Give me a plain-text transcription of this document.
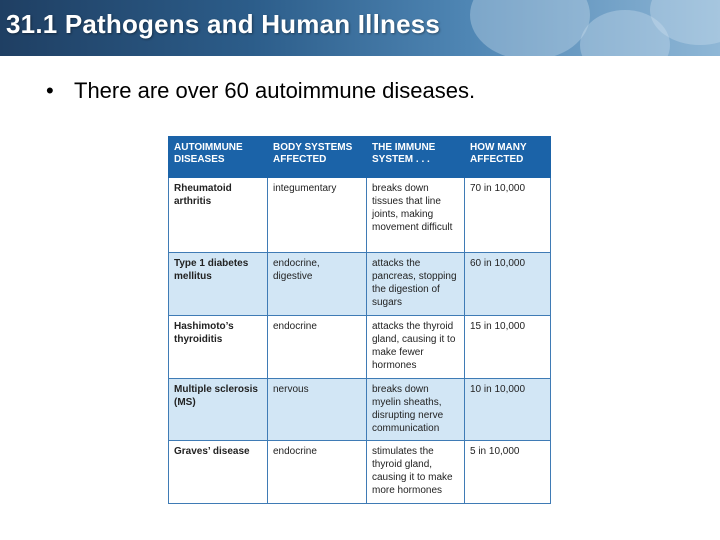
31.1 Pathogens and Human Illness
• There are over 60 autoimmune diseases.
AUTOIMMUNE DISEASES	BODY SYSTEMS AFFECTED	THE IMMUNE SYSTEM . . .	HOW MANY AFFECTED
Rheumatoid arthritis	integumentary	breaks down tissues that line joints, making movement difficult	70 in 10,000
Type 1 diabetes mellitus	endocrine, digestive	attacks the pancreas, stopping the digestion of sugars	60 in 10,000
Hashimoto’s thyroiditis	endocrine	attacks the thyroid gland, causing it to make fewer hormones	15 in 10,000
Multiple sclerosis (MS)	nervous	breaks down myelin sheaths, disrupting nerve communication	10 in 10,000
Graves’ disease	endocrine	stimulates the thyroid gland, causing it to make more hormones	5 in 10,000
